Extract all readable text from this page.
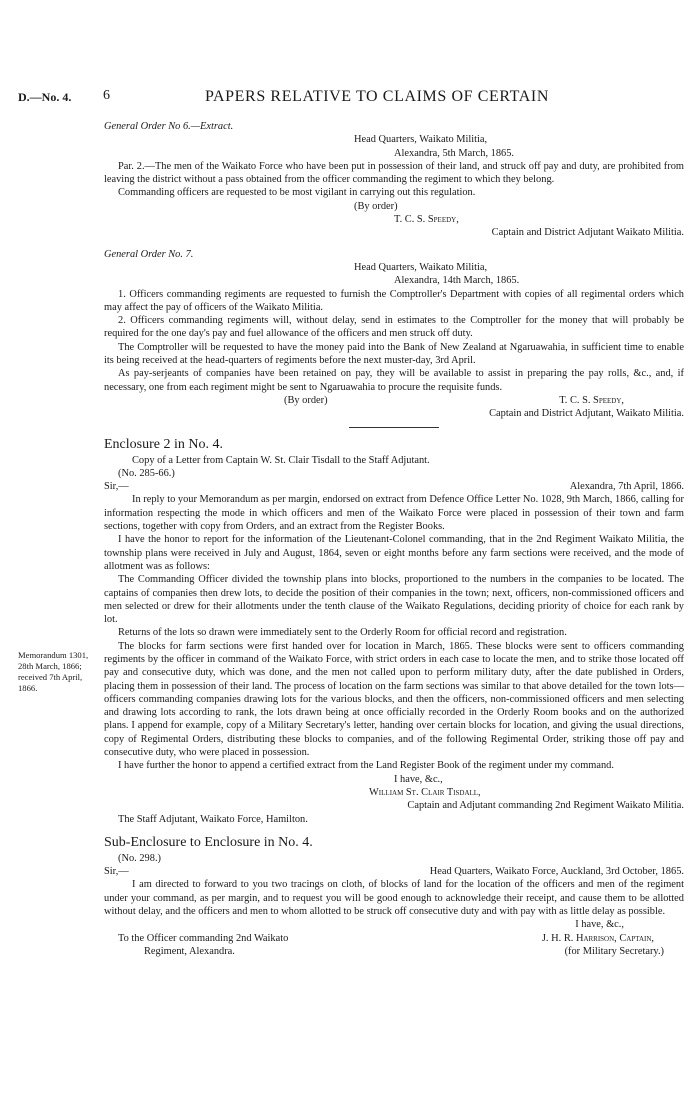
D.—No. 4. 6	PAPERS RELATIVE TO CLAIMS OF CERTAIN
Memorandum 1301, 28th March, 1866; received 7th April, 1866.

General Order No 6.—Extract.

Head Quarters, Waikato Militia,

Alexandra, 5th March, 1865.

Par. 2.—The men of the Waikato Force who have been put in possession of their land, and struck off pay and duty, are prohibited from leaving the district without a pass obtained from the officer commanding the regiment to which they belong.

Commanding officers are requested to be most vigilant in carrying out this regulation.

(By order)

T. C. S. Speedy,

Captain and District Adjutant Waikato Militia.

General Order No. 7.

Head Quarters, Waikato Militia,

Alexandra, 14th March, 1865.

1. Officers commanding regiments are requested to furnish the Comptroller's Department with copies of all regimental orders which may affect the pay of officers of the Waikato Militia.

2. Officers commanding regiments will, without delay, send in estimates to the Comptroller for the money that will probably be required for the one day's pay and fuel allowance of the officers and men struck off duty.

The Comptroller will be requested to have the money paid into the Bank of New Zealand at Ngaruawahia, in sufficient time to enable its being received at the head-quarters of regiments before the next muster-day, 3rd April.

As pay-serjeants of companies have been retained on pay, they will be available to assist in preparing the pay rolls, &c., and, if necessary, one from each regiment might be sent to Ngaruawahia to procure the requisite funds.

(By order)	T. C. S. Speedy,

Captain and District Adjutant, Waikato Militia.

Enclosure 2 in No. 4.

Copy of a Letter from Captain W. St. Clair Tisdall to the Staff Adjutant.

(No. 285-66.)

Sir,—	Alexandra, 7th April, 1866.

In reply to your Memorandum as per margin, endorsed on extract from Defence Office Letter No. 1028, 9th March, 1866, calling for information respecting the mode in which officers and men of the Waikato Force were placed in possession of their town and farm sections, together with copy from Orders, and an extract from the Register Books.

I have the honor to report for the information of the Lieutenant-Colonel commanding, that in the 2nd Regiment Waikato Militia, the township plans were received in July and August, 1864, seven or eight months before any farm sections were received, and the mode of allotment was as follows:

The Commanding Officer divided the township plans into blocks, proportioned to the numbers in the companies to be located. The captains of companies then drew lots, to decide the position of their companies in the town; next, officers, non-commissioned officers and men selected or drew for their allotments under the tenth clause of the Waikato Regulations, deciding priority of choice for each rank by lot.

Returns of the lots so drawn were immediately sent to the Orderly Room for official record and registration.

The blocks for farm sections were first handed over for location in March, 1865. These blocks were sent to officers commanding regiments by the officer in command of the Waikato Force, with strict orders in each case to locate the men, and to strike those located off pay and consecutive duty, which was done, and the men not called upon to perform military duty, after the date published in Orders, placing them in possession of their land. The process of location on the farm sections was similar to that above detailed for the town lots—officers commanding companies drawing lots for the various blocks, and then the officers, non-commissioned officers and men selecting and drawing lots according to rank, the lots drawn being at once officially recorded in the Orderly Room books and on the authorized plans. I append for example, copy of a Military Secretary's letter, handing over certain blocks for location, and giving the usual directions, copy of Regimental Orders, distributing these blocks to companies, and of the following Regimental Order, striking those off pay and consecutive duty, who were placed in possession.

I have further the honor to append a certified extract from the Land Register Book of the regiment under my command.

I have, &c.,

William St. Clair Tisdall,

Captain and Adjutant commanding 2nd Regiment Waikato Militia.

The Staff Adjutant, Waikato Force, Hamilton.

Sub-Enclosure to Enclosure in No. 4.

(No. 298.)

Sir,—	Head Quarters, Waikato Force, Auckland, 3rd October, 1865.

I am directed to forward to you two tracings on cloth, of blocks of land for the location of the officers and men of the regiment under your command, as per margin, and to request you will be good enough to acknowledge their receipt, and cause them to be allotted without delay, and the officers and men to whom allotted to be struck off consecutive duty and with pay with as little delay as possible.

I have, &c.,

To the Officer commanding 2nd Waikato	J. H. R. Harrison, Captain,
Regiment, Alexandra.	(for Military Secretary.)
